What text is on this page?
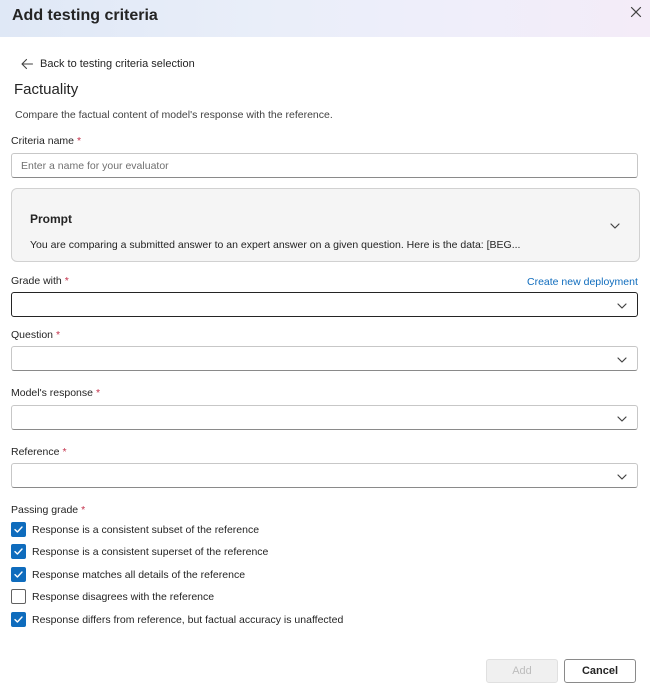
Add testing criteria
Back to testing criteria selection
Factuality
Compare the factual content of model's response with the reference.
Criteria name *
Enter a name for your evaluator
Prompt
You are comparing a submitted answer to an expert answer on a given question. Here is the data: [BEG...
Grade with *	Create new deployment
Question *
Model's response *
Reference *
Passing grade *
Response is a consistent subset of the reference
Response is a consistent superset of the reference
Response matches all details of the reference
Response disagrees with the reference
Response differs from reference, but factual accuracy is unaffected
Add	Cancel
